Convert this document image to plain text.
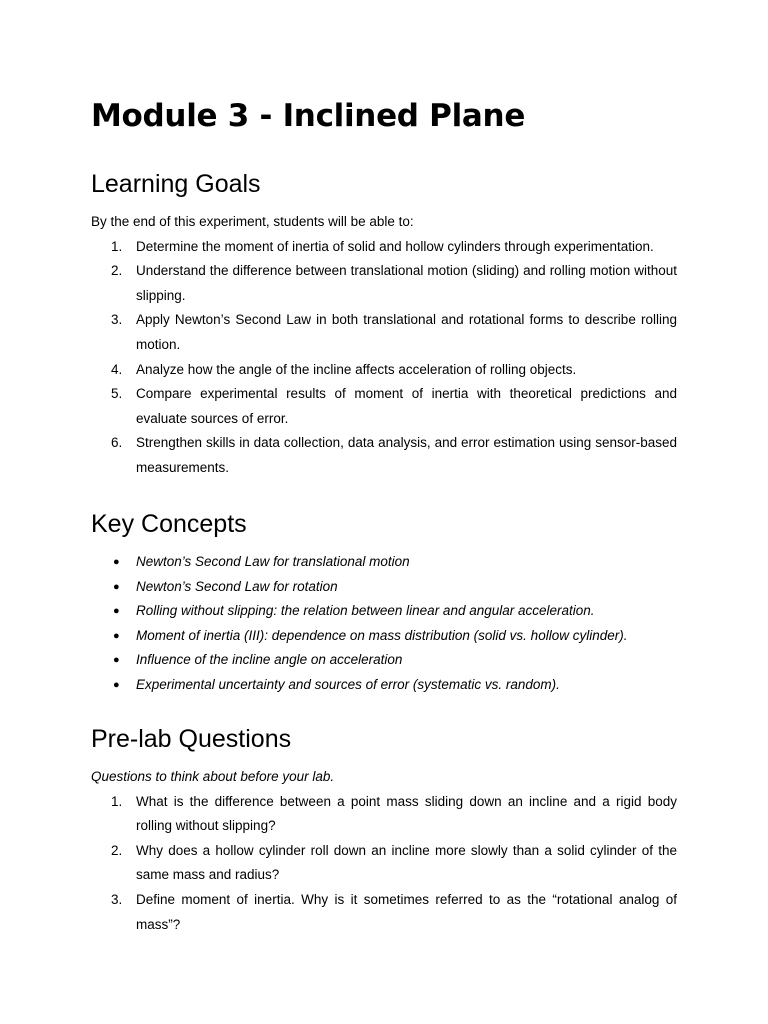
Module 3 - Inclined Plane
Learning Goals

By the end of this experiment, students will be able to:

1.	Determine the moment of inertia of solid and hollow cylinders through experimentation.
2.	Understand the difference between translational motion (sliding) and rolling motion without slipping.
3.	Apply Newton’s Second Law in both translational and rotational forms to describe rolling motion.
4.	Analyze how the angle of the incline affects acceleration of rolling objects.
5.	Compare experimental results of moment of inertia with theoretical predictions and evaluate sources of error.
6.	Strengthen skills in data collection, data analysis, and error estimation using sensor-based measurements.
Key Concepts
●	Newton’s Second Law for translational motion
●	Newton’s Second Law for rotation
●	Rolling without slipping: the relation between linear and angular acceleration.
●	Moment of inertia (III): dependence on mass distribution (solid vs. hollow cylinder).
●	Influence of the incline angle on acceleration
●	Experimental uncertainty and sources of error (systematic vs. random).
Pre-lab Questions

Questions to think about before your lab.

1.	What is the difference between a point mass sliding down an incline and a rigid body rolling without slipping?
2.	Why does a hollow cylinder roll down an incline more slowly than a solid cylinder of the same mass and radius?
3.	Define moment of inertia. Why is it sometimes referred to as the “rotational analog of mass”?
